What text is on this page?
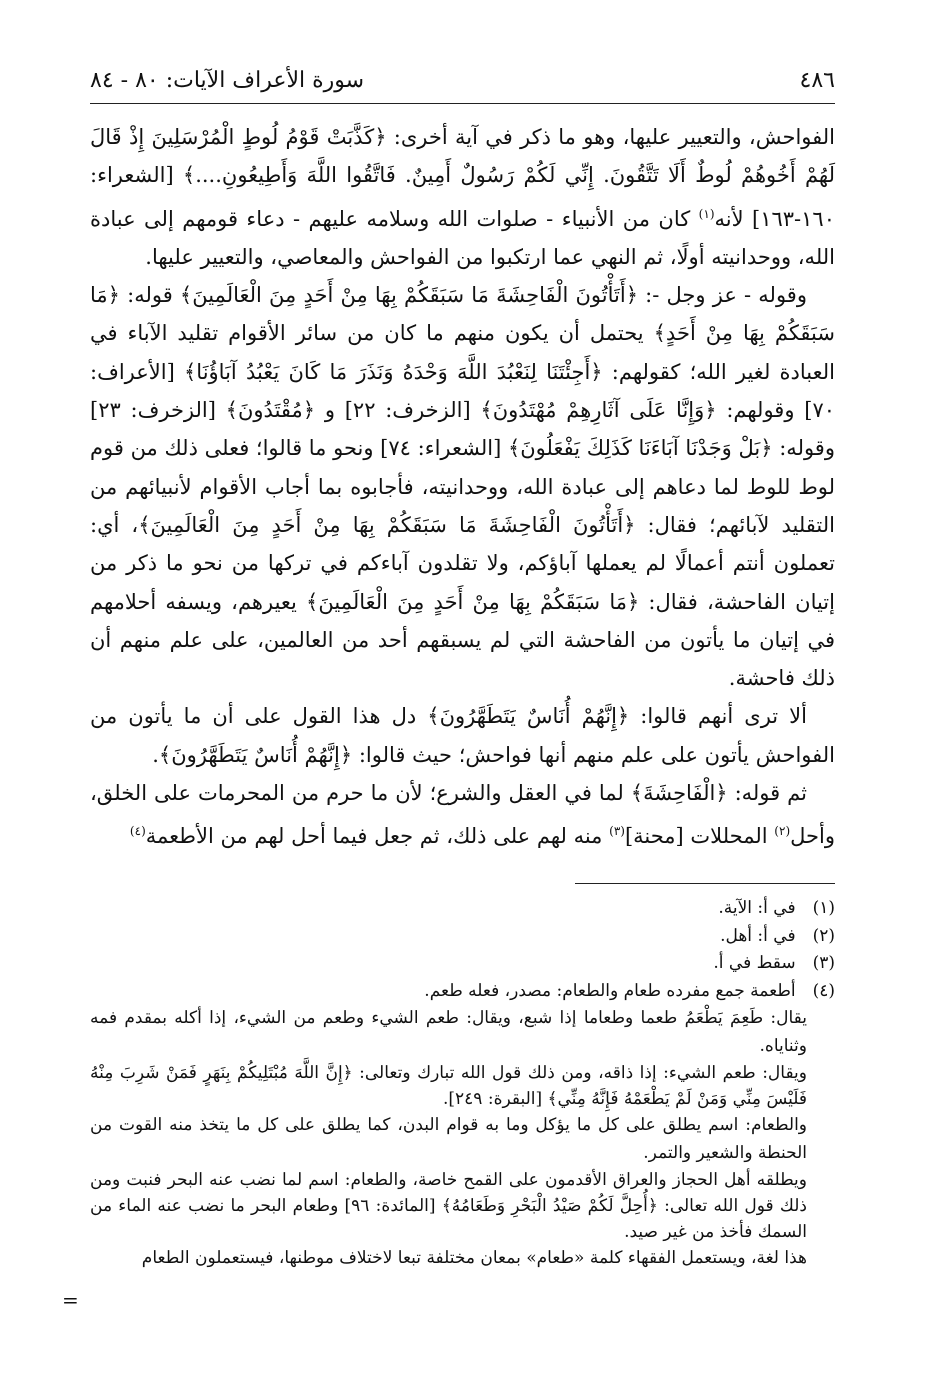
٤٨٦
سورة الأعراف الآيات: ٨٠ - ٨٤

الفواحش، والتعيير عليها، وهو ما ذكر في آية أخرى: ﴿كَذَّبَتْ قَوْمُ لُوطٍ الْمُرْسَلِينَ إِذْ قَالَ لَهُمْ أَخُوهُمْ لُوطٌ أَلَا تَتَّقُونَ. إِنِّي لَكُمْ رَسُولٌ أَمِينٌ. فَاتَّقُوا اللَّهَ وَأَطِيعُونِ....﴾ [الشعراء: ١٦٠-١٦٣] لأنه$^{(١)}$ كان من الأنبياء - صلوات الله وسلامه عليهم - دعاء قومهم إلى عبادة الله، ووحدانيته أولًا، ثم النهي عما ارتكبوا من الفواحش والمعاصي، والتعيير عليها.

وقوله - عز وجل -: ﴿أَتَأْتُونَ الْفَاحِشَةَ مَا سَبَقَكُمْ بِهَا مِنْ أَحَدٍ مِنَ الْعَالَمِينَ﴾ قوله: ﴿مَا سَبَقَكُمْ بِهَا مِنْ أَحَدٍ﴾ يحتمل أن يكون منهم ما كان من سائر الأقوام تقليد الآباء في العبادة لغير الله؛ كقولهم: ﴿أَجِئْتَنَا لِنَعْبُدَ اللَّهَ وَحْدَهُ وَنَذَرَ مَا كَانَ يَعْبُدُ آبَاؤُنَا﴾ [الأعراف: ٧٠] وقولهم: ﴿وَإِنَّا عَلَى آثَارِهِمْ مُهْتَدُونَ﴾ [الزخرف: ٢٢] و ﴿مُقْتَدُونَ﴾ [الزخرف: ٢٣] وقوله: ﴿بَلْ وَجَدْنَا آبَاءَنَا كَذَلِكَ يَفْعَلُونَ﴾ [الشعراء: ٧٤] ونحو ما قالوا؛ فعلى ذلك من قوم لوط للوط لما دعاهم إلى عبادة الله، ووحدانيته، فأجابوه بما أجاب الأقوام لأنبيائهم من التقليد لآبائهم؛ فقال: ﴿أَتَأْتُونَ الْفَاحِشَةَ مَا سَبَقَكُمْ بِهَا مِنْ أَحَدٍ مِنَ الْعَالَمِينَ﴾، أي: تعملون أنتم أعمالًا لم يعملها آباؤكم، ولا تقلدون آباءكم في تركها من نحو ما ذكر من إتيان الفاحشة، فقال: ﴿مَا سَبَقَكُمْ بِهَا مِنْ أَحَدٍ مِنَ الْعَالَمِينَ﴾ يعيرهم، ويسفه أحلامهم في إتيان ما يأتون من الفاحشة التي لم يسبقهم أحد من العالمين، على علم منهم أن ذلك فاحشة.

ألا ترى أنهم قالوا: ﴿إِنَّهُمْ أُنَاسٌ يَتَطَهَّرُونَ﴾ دل هذا القول على أن ما يأتون من الفواحش يأتون على علم منهم أنها فواحش؛ حيث قالوا: ﴿إِنَّهُمْ أُنَاسٌ يَتَطَهَّرُونَ﴾.

ثم قوله: ﴿الْفَاحِشَةَ﴾ لما في العقل والشرع؛ لأن ما حرم من المحرمات على الخلق، وأحل$^{(٢)}$ المحللات [محنة]$^{(٣)}$ منه لهم على ذلك، ثم جعل فيما أحل لهم من الأطعمة$^{(٤)}$

(١) في أ: الآية.

(٢) في أ: أهل.

(٣) سقط في أ.

(٤) أطعمة جمع مفرده طعام والطعام: مصدر، فعله طعم.

يقال: طَعِمَ يَطْعَمُ طعما وطعاما إذا شبع، ويقال: طعم الشيء وطعم من الشيء، إذا أكله بمقدم فمه وثناياه.

ويقال: طعم الشيء: إذا ذاقه، ومن ذلك قول الله تبارك وتعالى: ﴿إِنَّ اللَّهَ مُبْتَلِيكُمْ بِنَهَرٍ فَمَنْ شَرِبَ مِنْهُ فَلَيْسَ مِنِّي وَمَنْ لَمْ يَطْعَمْهُ فَإِنَّهُ مِنِّي﴾ [البقرة: ٢٤٩].

والطعام: اسم يطلق على كل ما يؤكل وما به قوام البدن، كما يطلق على كل ما يتخذ منه القوت من الحنطة والشعير والتمر.

ويطلقه أهل الحجاز والعراق الأقدمون على القمح خاصة، والطعام: اسم لما نضب عنه البحر فنبت ومن ذلك قول الله تعالى: ﴿أُحِلَّ لَكُمْ صَيْدُ الْبَحْرِ وَطَعَامُهُ﴾ [المائدة: ٩٦] وطعام البحر ما نضب عنه الماء من السمك فأخذ من غير صيد.

هذا لغة، ويستعمل الفقهاء كلمة «طعام» بمعان مختلفة تبعا لاختلاف موطنها، فيستعملون الطعام

=
